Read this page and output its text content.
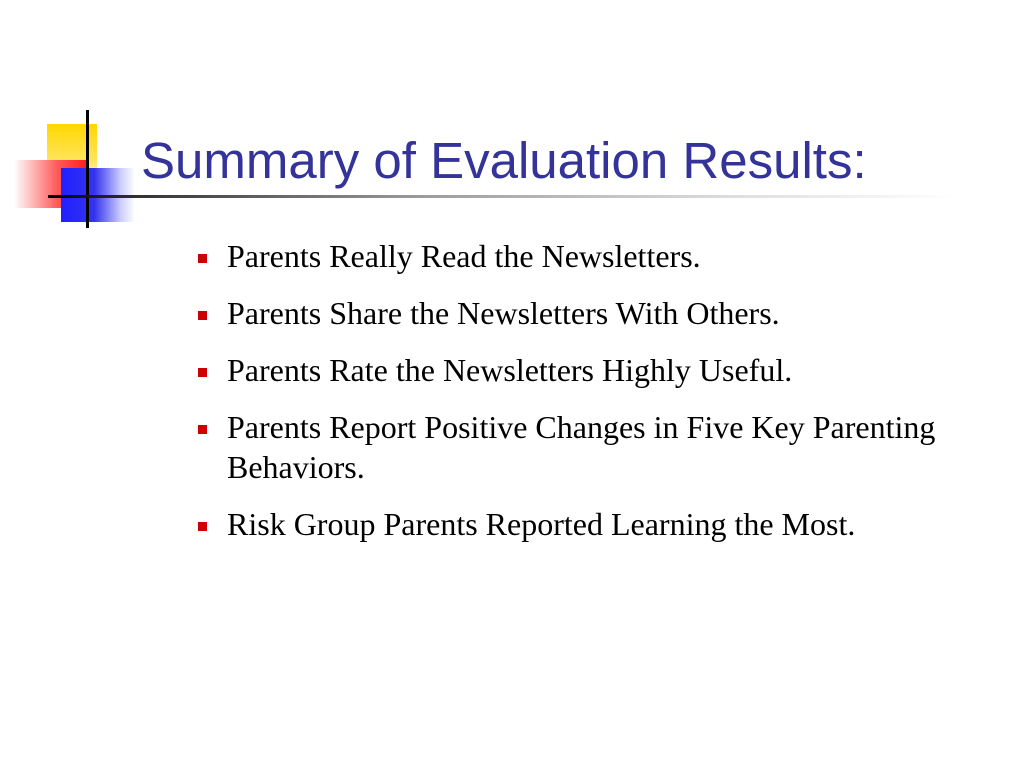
Summary of Evaluation Results:
Parents Really Read the Newsletters.
Parents Share the Newsletters With Others.
Parents Rate the Newsletters Highly Useful.
Parents Report Positive Changes in Five Key Parenting Behaviors.
Risk Group Parents Reported Learning the Most.
